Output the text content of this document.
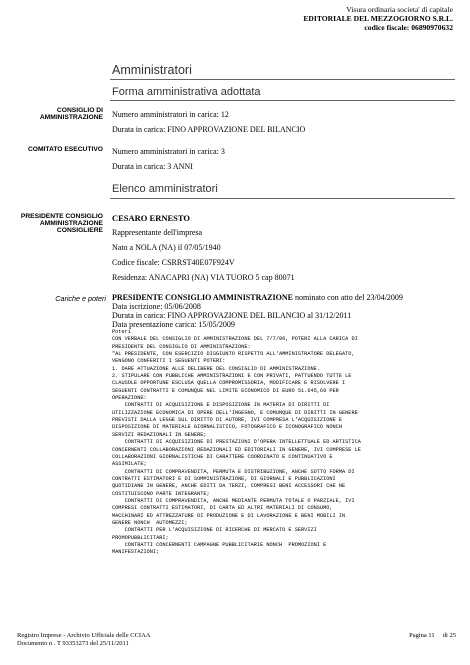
Visura ordinaria societa' di capitale
EDITORIALE DEL MEZZOGIORNO S.R.L.
codice fiscale: 06890970632
Amministratori
Forma amministrativa adottata
CONSIGLIO DI AMMINISTRAZIONE Numero amministratori in carica: 12
Durata in carica: FINO APPROVAZIONE DEL BILANCIO
COMITATO ESECUTIVO Numero amministratori in carica: 3
Durata in carica: 3 ANNI
Elenco amministratori
PRESIDENTE CONSIGLIO AMMINISTRAZIONE CONSIGLIERE
CESARO ERNESTO
Rappresentante dell'impresa
Nato a NOLA (NA) il 07/05/1940
Codice fiscale: CSRRST40E07F924V
Residenza: ANACAPRI (NA) VIA TUORO 5 cap 80071
Cariche e poteri PRESIDENTE CONSIGLIO AMMINISTRAZIONE nominato con atto del 23/04/2009
Data iscrizione: 05/06/2008
Durata in carica: FINO APPROVAZIONE DEL BILANCIO al 31/12/2011
Data presentazione carica: 15/05/2009
Poteri
CON VERBALE DEL CONSIGLIO DI AMMINISTRAZIONE DEL 7/7/06, POTERI ALLA CARICA DI
PRESIDENTE DEL CONSIGLIO DI AMMINISTRAZIONE:
"AL PRESIDENTE, CON ESERCIZIO DISGIUNTO RISPETTO ALL'AMMINISTRATORE DELEGATO,
VENGONO CONFERITI I SEGUENTI POTERI:
1. DARE ATTUAZIONE ALLE DELIBERE DEL CONSIGLIO DI AMMINISTRAZIONE.
2. STIPULARE CON PUBBLICHE AMMINISTRAZIONI E CON PRIVATI, PATTUENDO TUTTE LE
CLAUSOLE OPPORTUNE ESCLUSA QUELLA COMPROMISSORIA, MODIFICARE E RISOLVERE I
SEGUENTI CONTRATTI E COMUNQUE NEL LIMITE ECONOMICO DI EURO 51.645,69 PER
OPERAZIONE:
CONTRATTI DI ACQUISIZIONE E DISPOSIZIONE IN MATERIA DI DIRITTI DI
UTILIZZAZIONE ECONOMICA DI OPERE DELL'INGEGNO, E COMUNQUE DI DIRITTI IN GENERE
PREVISTI DALLA LEGGE SUL DIRITTO DI AUTORE, IVI COMPRESA L'ACQUISIZIONE E
DISPOSIZIONE DI MATERIALE GIORNALISTICO, FOTOGRAFICO E ICONOGRAFICO NONCH
SERVIZI REDAZIONALI IN GENERE;
CONTRATTI DI ACQUISIZIONE DI PRESTAZIONI D'OPERA INTELLETTUALE ED ARTISTICA
CONCERNENTI COLLABORAZIONI REDAZIONALI ED EDITORIALI IN GENERE, IVI COMPRESE LE
COLLABORAZIONI GIORNALISTICHE DI CARATTERE COORDINATO E CONTINUATIVO E
ASSIMILATE;
CONTRATTI DI COMPRAVENDITA, PERMUTA E DISTRIBUZIONE, ANCHE SOTTO FORMA DI
CONTRATTI ESTIMATORI E DI SOMMINISTRAZIONE, DI GIORNALI E PUBBLICAZIONI
QUOTIDIANE IN GENERE, ANCHE EDITI DA TERZI, COMPRESI BENI ACCESSORI CHE NE
COSTITUISCONO PARTE INTEGRANTE;
CONTRATTI DI COMPRAVENDITA, ANCHE MEDIANTE PERMUTA TOTALE O PARZIALE, IVI
COMPRESI CONTRATTI ESTIMATORI, DI CARTA ED ALTRI MATERIALI DI CONSUMO,
MACCHINARI ED ATTREZZATURE DI PRODUZIONE E DI LAVORAZIONE E BENI MOBILI IN
GENERE NONCH  AUTOMEZZI;
CONTRATTI PER L'ACQUISIZIONE DI RICERCHE DI MERCATO E SERVIZI
PROMOPUBBLICITARI;
CONTRATTI CONCERNENTI CAMPAGNE PUBBLICITARIE NONCH  PROMOZIONI E
MANIFESTAZIONI;
Registro Imprese - Archivio Ufficiale delle CCIAA
Documento n . T 93353273 del 25/11/2011
Pagina 11     di 25
